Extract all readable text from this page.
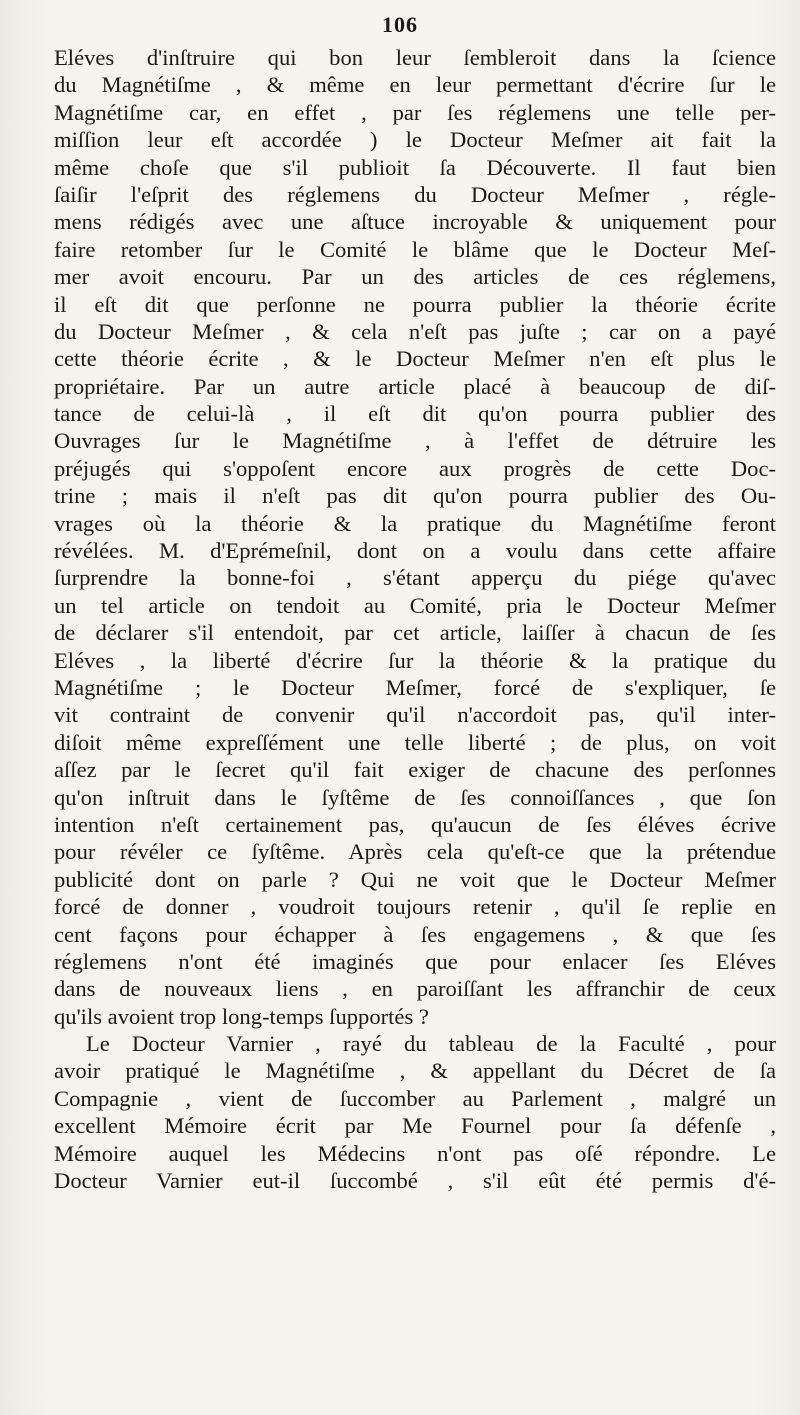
106
Eléves d'inſtruire qui bon leur ſembleroit dans la ſcience
du Magnétiſme , & même en leur permettant d'écrire ſur le
Magnétiſme car, en effet , par ſes réglemens une telle per-
miſſion leur eſt accordée ) le Docteur Meſmer ait fait la
même choſe que s'il publioit ſa Découverte. Il faut bien
ſaiſir l'eſprit des réglemens du Docteur Meſmer , régle-
mens rédigés avec une aſtuce incroyable & uniquement pour
faire retomber ſur le Comité le blâme que le Docteur Meſ-
mer avoit encouru. Par un des articles de ces réglemens,
il eſt dit que perſonne ne pourra publier la théorie écrite
du Docteur Meſmer , & cela n'eſt pas juſte ; car on a payé
cette théorie écrite , & le Docteur Meſmer n'en eſt plus le
propriétaire. Par un autre article placé à beaucoup de diſ-
tance de celui-là , il eſt dit qu'on pourra publier des
Ouvrages ſur le Magnétiſme , à l'effet de détruire les
préjugés qui s'oppoſent encore aux progrès de cette Doc-
trine ; mais il n'eſt pas dit qu'on pourra publier des Ou-
vrages où la théorie & la pratique du Magnétiſme feront
révélées. M. d'Eprémeſnil, dont on a voulu dans cette affaire
ſurprendre la bonne-foi , s'étant apperçu du piége qu'avec
un tel article on tendoit au Comité, pria le Docteur Meſmer
de déclarer s'il entendoit, par cet article, laiſſer à chacun de ſes
Eléves , la liberté d'écrire ſur la théorie & la pratique du
Magnétiſme ; le Docteur Meſmer, forcé de s'expliquer, ſe
vit contraint de convenir qu'il n'accordoit pas, qu'il inter-
diſoit même expreſſément une telle liberté ; de plus, on voit
aſſez par le ſecret qu'il fait exiger de chacune des perſonnes
qu'on inſtruit dans le ſyſtême de ſes connoiſſances , que ſon
intention n'eſt certainement pas, qu'aucun de ſes éléves écrive
pour révéler ce ſyſtême. Après cela qu'eſt-ce que la prétendue
publicité dont on parle ? Qui ne voit que le Docteur Meſmer
forcé de donner , voudroit toujours retenir , qu'il ſe replie en
cent façons pour échapper à ſes engagemens , & que ſes
réglemens n'ont été imaginés que pour enlacer ſes Eléves
dans de nouveaux liens , en paroiſſant les affranchir de ceux
qu'ils avoient trop long-temps ſupportés ?
Le Docteur Varnier , rayé du tableau de la Faculté , pour
avoir pratiqué le Magnétiſme , & appellant du Décret de ſa
Compagnie , vient de ſuccomber au Parlement , malgré un
excellent Mémoire écrit par Me Fournel pour ſa défenſe ,
Mémoire auquel les Médecins n'ont pas oſé répondre. Le
Docteur Varnier eut-il ſuccombé , s'il eût été permis d'é-
